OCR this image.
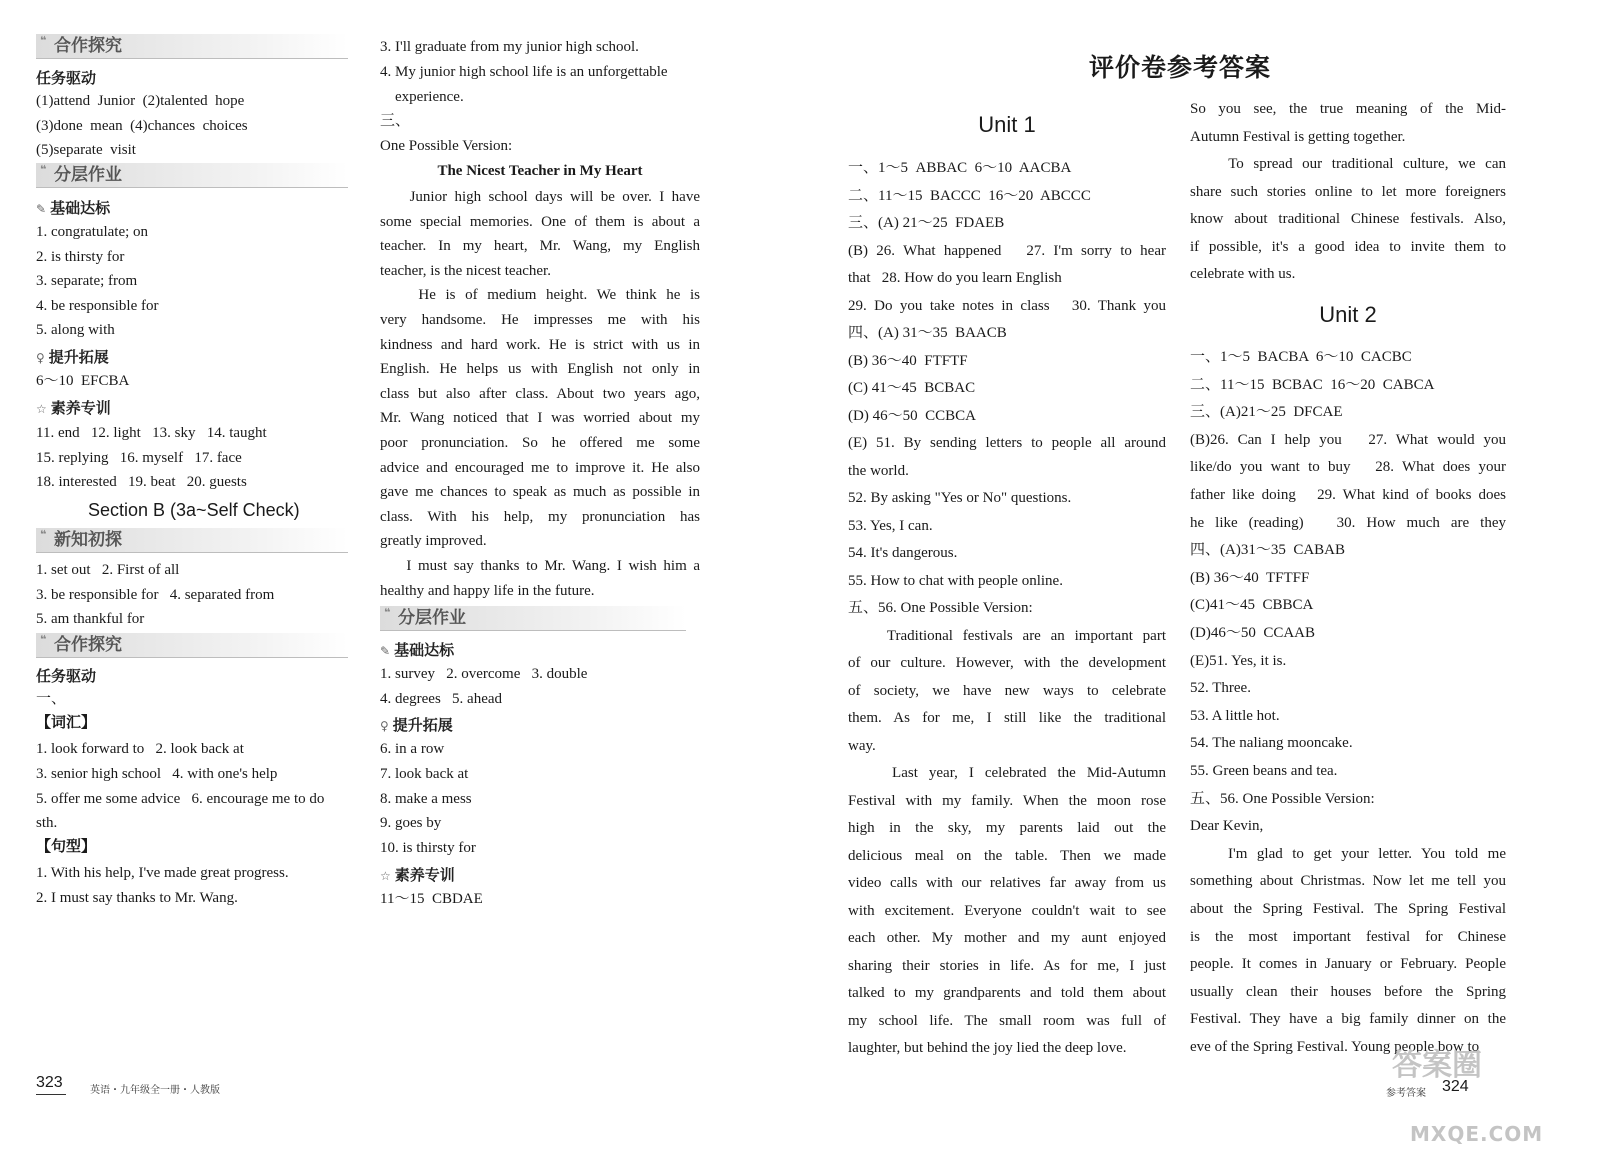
❝ 合作探究
任务驱动
(1)attend  Junior  (2)talented  hope
(3)done  mean  (4)chances  choices
(5)separate  visit
❝ 分层作业
✎ 基础达标
1. congratulate; on
2. is thirsty for
3. separate; from
4. be responsible for
5. along with
♀ 提升拓展
6～10  EFCBA
☆ 素养专训
11. end   12. light   13. sky   14. taught
15. replying   16. myself   17. face
18. interested   19. beat   20. guests
Section B (3a~Self Check)
❝ 新知初探
1. set out   2. First of all
3. be responsible for   4. separated from
5. am thankful for
❝ 合作探究
任务驱动
一、
【词汇】
1. look forward to   2. look back at
3. senior high school   4. with one's help
5. offer me some advice   6. encourage me to do
sth.
【句型】
1. With his help, I've made great progress.
2. I must say thanks to Mr. Wang.
3. I'll graduate from my junior high school.
4. My junior high school life is an unforgettable
experience.
三、
One Possible Version:
The Nicest Teacher in My Heart
Junior high school days will be over. I have
some special memories. One of them is about a
teacher. In my heart, Mr. Wang, my English
teacher, is the nicest teacher.
He is of medium height. We think he is
very handsome. He impresses me with his
kindness and hard work. He is strict with us in
English. He helps us with English not only in
class but also after class. About two years ago,
Mr. Wang noticed that I was worried about my
poor pronunciation. So he offered me some
advice and encouraged me to improve it. He also
gave me chances to speak as much as possible in
class. With his help, my pronunciation has
greatly improved.
I must say thanks to Mr. Wang. I wish him a
healthy and happy life in the future.
❝ 分层作业
✎ 基础达标
1. survey   2. overcome   3. double
4. degrees   5. ahead
♀ 提升拓展
6. in a row
7. look back at
8. make a mess
9. goes by
10. is thirsty for
☆ 素养专训
11～15  CBDAE
323	英语・九年级全一册・人教版
评价卷参考答案
Unit 1
一、1～5  ABBAC  6～10  AACBA
二、11～15  BACCC  16～20  ABCCC
三、(A) 21～25  FDAEB
(B) 26. What happened   27. I'm sorry to hear
that   28. How do you learn English
29. Do you take notes in class   30. Thank you
四、(A) 31～35  BAACB
(B) 36～40  FTFTF
(C) 41～45  BCBAC
(D) 46～50  CCBCA
(E) 51. By sending letters to people all around
the world.
52. By asking "Yes or No" questions.
53. Yes, I can.
54. It's dangerous.
55. How to chat with people online.
五、56. One Possible Version:
Traditional festivals are an important part
of our culture. However, with the development
of society, we have new ways to celebrate
them. As for me, I still like the traditional
way.
Last year, I celebrated the Mid-Autumn
Festival with my family. When the moon rose
high in the sky, my parents laid out the
delicious meal on the table. Then we made
video calls with our relatives far away from us
with excitement. Everyone couldn't wait to see
each other. My mother and my aunt enjoyed
sharing their stories in life. As for me, I just
talked to my grandparents and told them about
my school life. The small room was full of
laughter, but behind the joy lied the deep love.
So you see, the true meaning of the Mid-
Autumn Festival is getting together.
To spread our traditional culture, we can
share such stories online to let more foreigners
know about traditional Chinese festivals. Also,
if possible, it's a good idea to invite them to
celebrate with us.
Unit 2
一、1～5  BACBA  6～10  CACBC
二、11～15  BCBAC  16～20  CABCA
三、(A)21～25  DFCAE
(B)26. Can I help you   27. What would you
like/do you want to buy   28. What does your
father like doing   29. What kind of books does
he like (reading)   30. How much are they
四、(A)31～35  CABAB
(B) 36～40  TFTFF
(C)41～45  CBBCA
(D)46～50  CCAAB
(E)51. Yes, it is.
52. Three.
53. A little hot.
54. The naliang mooncake.
55. Green beans and tea.
五、56. One Possible Version:
Dear Kevin,
I'm glad to get your letter. You told me
something about Christmas. Now let me tell you
about the Spring Festival. The Spring Festival
is the most important festival for Chinese
people. It comes in January or February. People
usually clean their houses before the Spring
Festival. They have a big family dinner on the
eve of the Spring Festival. Young people bow to
参考答案 324
答案圈
MXQE.COM
